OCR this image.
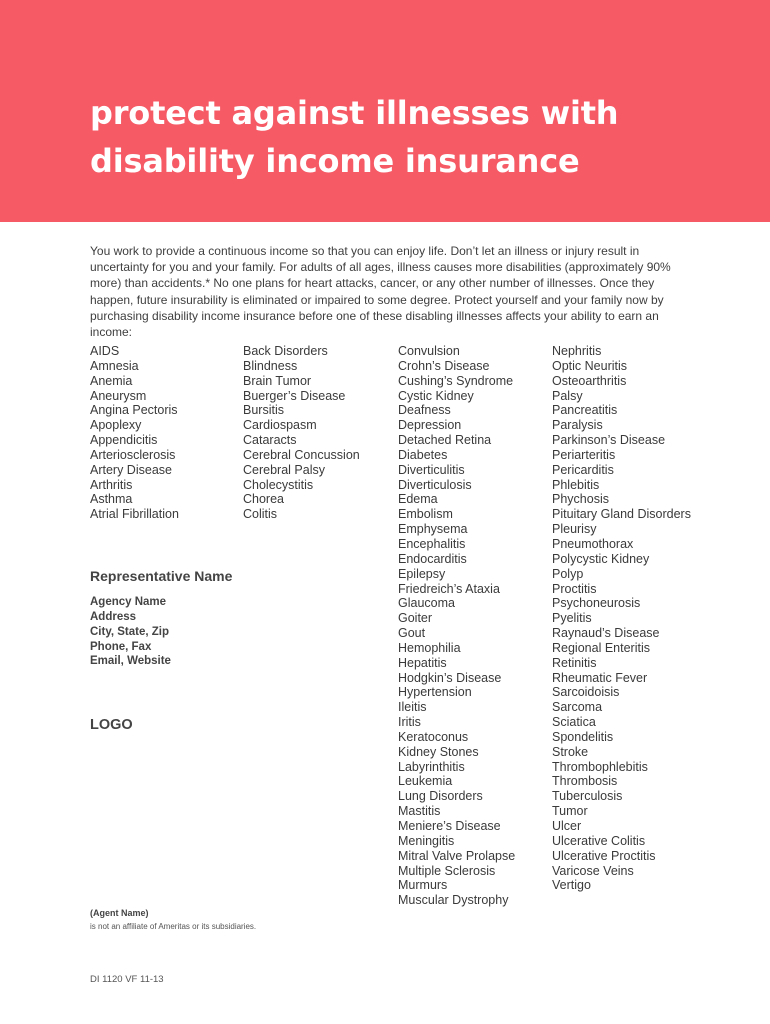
protect against illnesses with
disability income insurance

You work to provide a continuous income so that you can enjoy life. Don’t let an illness or injury result in uncertainty for you and your family. For adults of all ages, illness causes more disabilities (approximately 90% more) than accidents.* No one plans for heart attacks, cancer, or any other number of illnesses. Once they happen, future insurability is eliminated or impaired to some degree. Protect yourself and your family now by purchasing disability income insurance before one of these disabling illnesses affects your ability to earn an income:

AIDS
Amnesia
Anemia
Aneurysm
Angina Pectoris
Apoplexy
Appendicitis
Arteriosclerosis
Artery Disease
Arthritis
Asthma
Atrial Fibrillation
Back Disorders
Blindness
Brain Tumor
Buerger’s Disease
Bursitis
Cardiospasm
Cataracts
Cerebral Concussion
Cerebral Palsy
Cholecystitis
Chorea
Colitis
Convulsion
Crohn’s Disease
Cushing’s Syndrome
Cystic Kidney
Deafness
Depression
Detached Retina
Diabetes
Diverticulitis
Diverticulosis
Edema
Embolism
Emphysema
Encephalitis
Endocarditis
Epilepsy
Friedreich’s Ataxia
Glaucoma
Goiter
Gout
Hemophilia
Hepatitis
Hodgkin’s Disease
Hypertension
Ileitis
Iritis
Keratoconus
Kidney Stones
Labyrinthitis
Leukemia
Lung Disorders
Mastitis
Meniere’s Disease
Meningitis
Mitral Valve Prolapse
Multiple Sclerosis
Murmurs
Muscular Dystrophy
Nephritis
Optic Neuritis
Osteoarthritis
Palsy
Pancreatitis
Paralysis
Parkinson’s Disease
Periarteritis
Pericarditis
Phlebitis
Phychosis
Pituitary Gland Disorders
Pleurisy
Pneumothorax
Polycystic Kidney
Polyp
Proctitis
Psychoneurosis
Pyelitis
Raynaud’s Disease
Regional Enteritis
Retinitis
Rheumatic Fever
Sarcoidoisis
Sarcoma
Sciatica
Spondelitis
Stroke
Thrombophlebitis
Thrombosis
Tuberculosis
Tumor
Ulcer
Ulcerative Colitis
Ulcerative Proctitis
Varicose Veins
Vertigo
Representative Name
Agency Name
Address
City, State, Zip
Phone, Fax
Email, Website
LOGO
(Agent Name)
is not an affiliate of Ameritas or its subsidiaries.
DI 1120 VF 11-13
